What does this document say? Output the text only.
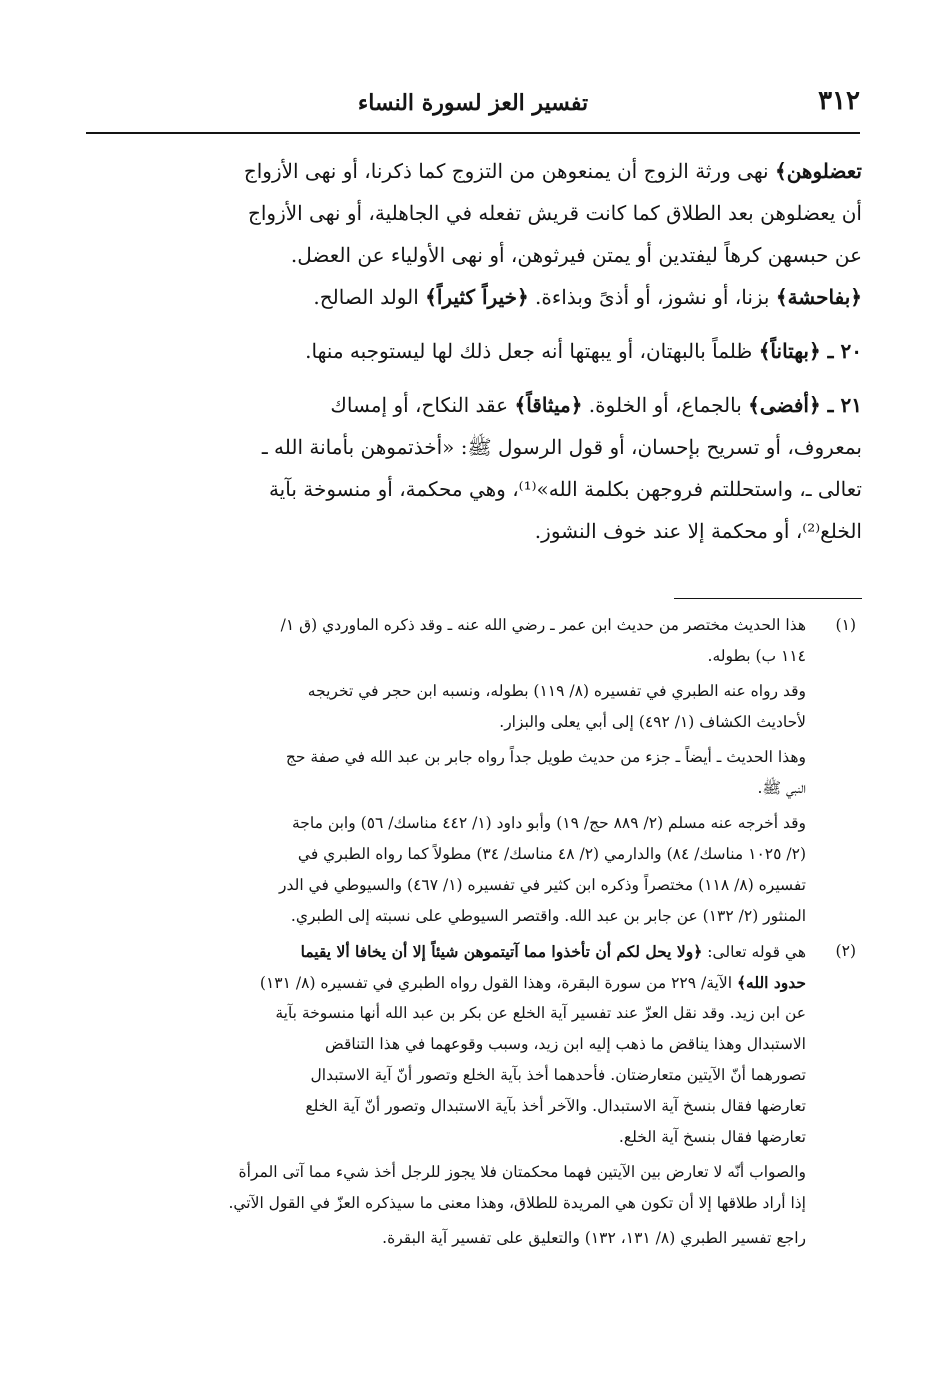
٣١٢
تفسير العز لسورة النساء
تعضلوهن﴾ نهى ورثة الزوج أن يمنعوهن من التزوج كما ذكرنا، أو نهى الأزواج
أن يعضلوهن بعد الطلاق كما كانت قريش تفعله في الجاهلية، أو نهى الأزواج
عن حبسهن كرهاً ليفتدين أو يمتن فيرثوهن، أو نهى الأولياء عن العضل.
﴿بفاحشة﴾ بزنا، أو نشوز، أو أذىً وبذاءة. ﴿خيراً كثيراً﴾ الولد الصالح.
٢٠ ـ ﴿بهتاناً﴾ ظلماً بالبهتان، أو يبهتها أنه جعل ذلك لها ليستوجبه منها.
٢١ ـ ﴿أفضى﴾ بالجماع، أو الخلوة. ﴿ميثاقاً﴾ عقد النكاح، أو إمساك
بمعروف، أو تسريح بإحسان، أو قول الرسول ﷺ: «أخذتموهن بأمانة الله ـ
تعالى ـ، واستحللتم فروجهن بكلمة الله»⁽¹⁾، وهي محكمة، أو منسوخة بآية
الخلع⁽²⁾، أو محكمة إلا عند خوف النشوز.
(١)
هذا الحديث مختصر من حديث ابن عمر ـ رضي الله عنه ـ وقد ذكره الماوردي (ق ١/
١١٤ ب) بطوله.
وقد رواه عنه الطبري في تفسيره (٨/ ١١٩) بطوله، ونسبه ابن حجر في تخريجه
لأحاديث الكشاف (١/ ٤٩٢) إلى أبي يعلى والبزار.
وهذا الحديث ـ أيضاً ـ جزء من حديث طويل جداً رواه جابر بن عبد الله في صفة حج
النبي ﷺ.
وقد أخرجه عنه مسلم (٢/ ٨٨٩ حج/ ١٩) وأبو داود (١/ ٤٤٢ مناسك/ ٥٦) وابن ماجة
(٢/ ١٠٢٥ مناسك/ ٨٤) والدارمي (٢/ ٤٨ مناسك/ ٣٤) مطولاً كما رواه الطبري في
تفسيره (٨/ ١١٨) مختصراً وذكره ابن كثير في تفسيره (١/ ٤٦٧) والسيوطي في الدر
المنثور (٢/ ١٣٢) عن جابر بن عبد الله. واقتصر السيوطي على نسبته إلى الطبري.
(٢)
هي قوله تعالى: ﴿ولا يحل لكم أن تأخذوا مما آتيتموهن شيئاً إلا أن يخافا ألا يقيما
حدود الله﴾ الآية/ ٢٢٩ من سورة البقرة، وهذا القول رواه الطبري في تفسيره (٨/ ١٣١)
عن ابن زيد. وقد نقل العزّ عند تفسير آية الخلع عن بكر بن عبد الله أنها منسوخة بآية
الاستبدال وهذا يناقض ما ذهب إليه ابن زيد، وسبب وقوعهما في هذا التناقض
تصورهما أنّ الآيتين متعارضتان. فأحدهما أخذ بآية الخلع وتصور أنّ آية الاستبدال
تعارضها فقال بنسخ آية الاستبدال. والآخر أخذ بآية الاستبدال وتصور أنّ آية الخلع
تعارضها فقال بنسخ آية الخلع.
والصواب أنّه لا تعارض بين الآيتين فهما محكمتان فلا يجوز للرجل أخذ شيء مما آتى المرأة
إذا أراد طلاقها إلا أن تكون هي المريدة للطلاق، وهذا معنى ما سيذكره العزّ في القول الآتي.
راجع تفسير الطبري (٨/ ١٣١، ١٣٢) والتعليق على تفسير آية البقرة.
